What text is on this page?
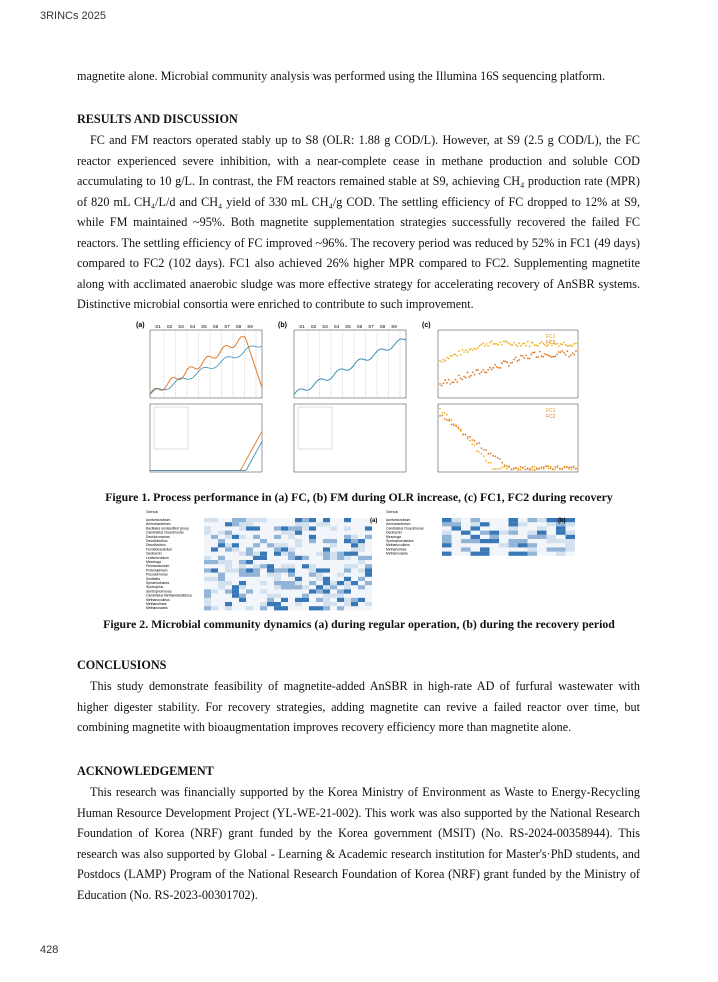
3RINCs 2025

magnetite alone. Microbial community analysis was performed using the Illumina 16S sequencing platform.

RESULTS AND DISCUSSION

FC and FM reactors operated stably up to S8 (OLR: 1.88 g COD/L). However, at S9 (2.5 g COD/L), the FC reactor experienced severe inhibition, with a near-complete cease in methane production and soluble COD accumulating to 10 g/L. In contrast, the FM reactors remained stable at S9, achieving CH₄ production rate (MPR) of 820 mL CH₄/L/d and CH₄ yield of 330 mL CH₄/g COD. The settling efficiency of FC dropped to 12% at S9, while FM maintained ~95%. Both magnetite supplementation strategies successfully recovered the failed FC reactors. The settling efficiency of FC improved ~96%. The recovery period was reduced by 52% in FC1 (49 days) compared to FC2 (102 days). FC1 also achieved 26% higher MPR compared to FC2. Supplementing magnetite along with acclimated anaerobic sludge was more effective strategy for accelerating recovery of AnSBR systems. Distinctive microbial consortia were enriched to contribute to such improvement.

(a) S1 S2 S3 S4 S5 S6 S7 S8 S9	(b)	S1 S2 S3 S4 S5 S6 S7 S8 S9	(c)
FC1
FC2
FC1
FC2
Figure 1. Process performance in (a) FC, (b) FM during OLR increase, (c) FC1, FC2 during recovery
Genus
Acetomicrobium
Aminobacterium
Bacillales unclassified group
Candidatus Cloacimonas
Dechloromonas
Desulfobulbus
Desulfovibrio
Fervidobacterium
Geobacter
Lentimicrobium
Mesotoga
Pelotomaculum
Proteiniphilum
Pseudomonas
Smithella
Sphaerochaeta
Syntrophus
Syntrophomonas
Candidatus Methanofastidiosa
Methanoculleus
Methanolinea
Methanosaeta
(a)
Genus
Acetomicrobium
Aminobacterium
Candidatus Cloacimonas
Geobacter
Mesotoga
Syntrophorhabdus
Methanoculleus
Methanolinea
Methanosaeta
(b)
Figure 2. Microbial community dynamics (a) during regular operation, (b) during the recovery period
CONCLUSIONS

This study demonstrate feasibility of magnetite-added AnSBR in high-rate AD of furfural wastewater with higher digester stability. For recovery strategies, adding magnetite can revive a failed reactor over time, but combining magnetite with bioaugmentation improves recovery efficiency more than magnetite alone.

ACKNOWLEDGEMENT

This research was financially supported by the Korea Ministry of Environment as Waste to Energy-Recycling Human Resource Development Project (YL-WE-21-002). This work was also supported by the National Research Foundation of Korea (NRF) grant funded by the Korea government (MSIT) (No. RS-2024-00358944). This research was also supported by Global - Learning & Academic research institution for Master's·PhD students, and Postdocs (LAMP) Program of the National Research Foundation of Korea (NRF) grant funded by the Ministry of Education (No. RS-2023-00301702).

428
